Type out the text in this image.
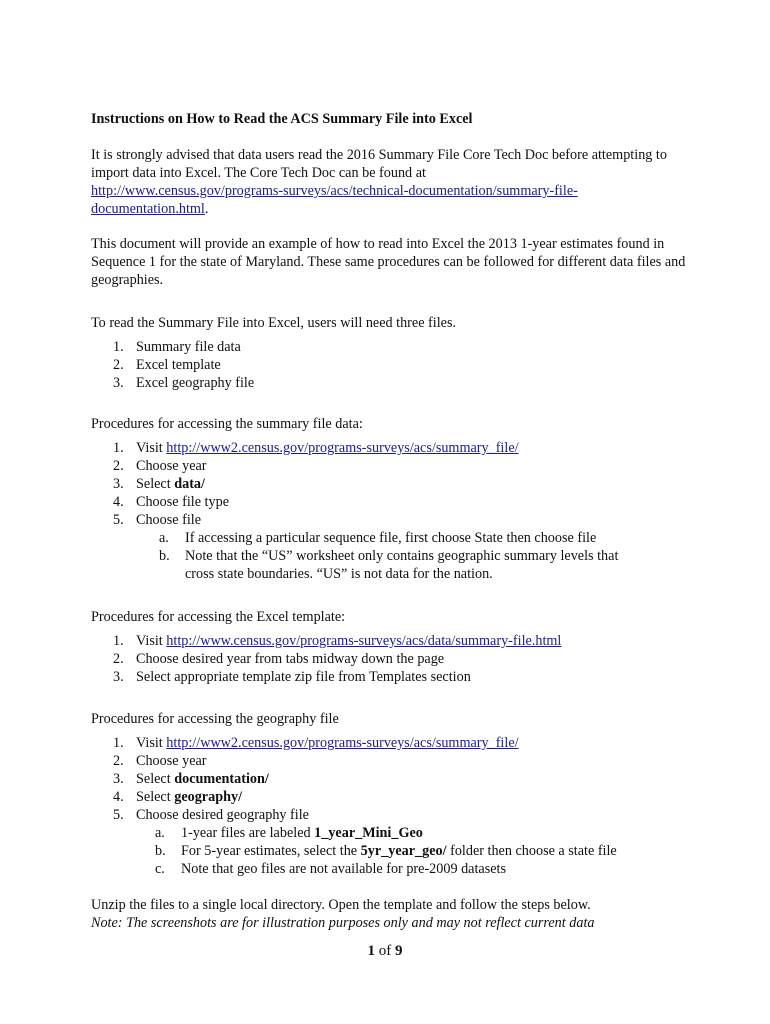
Instructions on How to Read the ACS Summary File into Excel

It is strongly advised that data users read the 2016 Summary File Core Tech Doc before attempting to import data into Excel. The Core Tech Doc can be found at
http://www.census.gov/programs-surveys/acs/technical-documentation/summary-file-
documentation.html.

This document will provide an example of how to read into Excel the 2013 1-year estimates found in Sequence 1 for the state of Maryland. These same procedures can be followed for different data files and geographies.

To read the Summary File into Excel, users will need three files.

1. Summary file data
2. Excel template
3. Excel geography file

Procedures for accessing the summary file data:

1. Visit http://www2.census.gov/programs-surveys/acs/summary_file/
2. Choose year
3. Select data/
4. Choose file type
5. Choose file
a. If accessing a particular sequence file, first choose State then choose file
b. Note that the “US” worksheet only contains geographic summary levels that
cross state boundaries. “US” is not data for the nation.

Procedures for accessing the Excel template:

1. Visit http://www.census.gov/programs-surveys/acs/data/summary-file.html
2. Choose desired year from tabs midway down the page
3. Select appropriate template zip file from Templates section

Procedures for accessing the geography file

1. Visit http://www2.census.gov/programs-surveys/acs/summary_file/
2. Choose year
3. Select documentation/
4. Select geography/
5. Choose desired geography file
a. 1-year files are labeled 1_year_Mini_Geo
b. For 5-year estimates, select the 5yr_year_geo/ folder then choose a state file
c. Note that geo files are not available for pre-2009 datasets

Unzip the files to a single local directory. Open the template and follow the steps below.

Note: The screenshots are for illustration purposes only and may not reflect current data

1 of 9
